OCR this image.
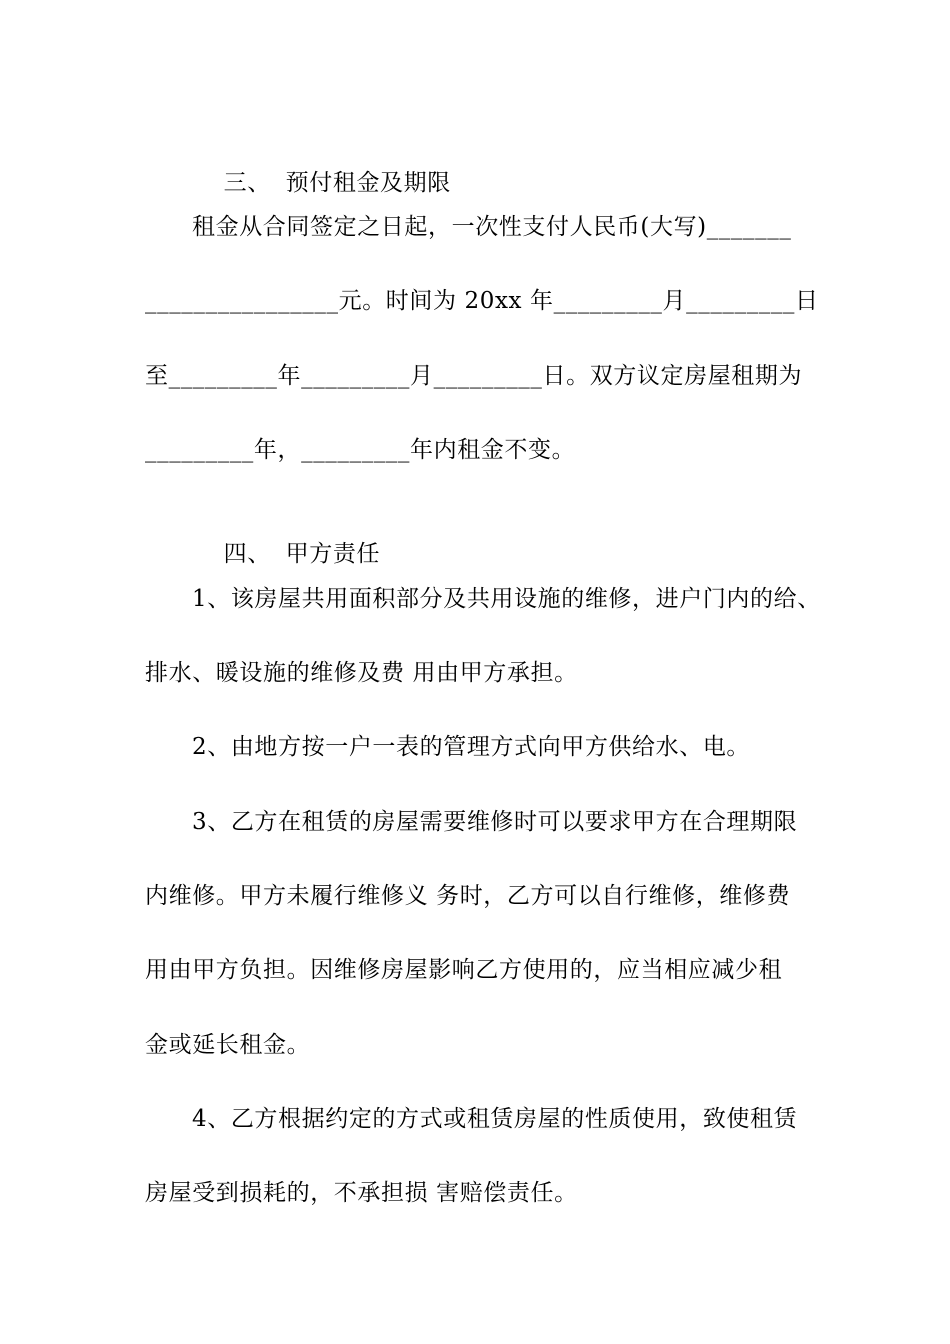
三、 预付租金及期限

租金从合同签定之日起，一次性支付人民币(大写)_______
________________元。时间为 20xx 年_________月_________日
至_________年_________月_________日。双方议定房屋租期为
_________年，_________年内租金不变。

四、 甲方责任

1、该房屋共用面积部分及共用设施的维修，进户门内的给、
排水、暖设施的维修及费 用由甲方承担。
2、由地方按一户一表的管理方式向甲方供给水、电。
3、乙方在租赁的房屋需要维修时可以要求甲方在合理期限
内维修。甲方未履行维修义 务时，乙方可以自行维修，维修费
用由甲方负担。因维修房屋影响乙方使用的，应当相应减少租
金或延长租金。
4、乙方根据约定的方式或租赁房屋的性质使用，致使租赁
房屋受到损耗的，不承担损 害赔偿责任。
